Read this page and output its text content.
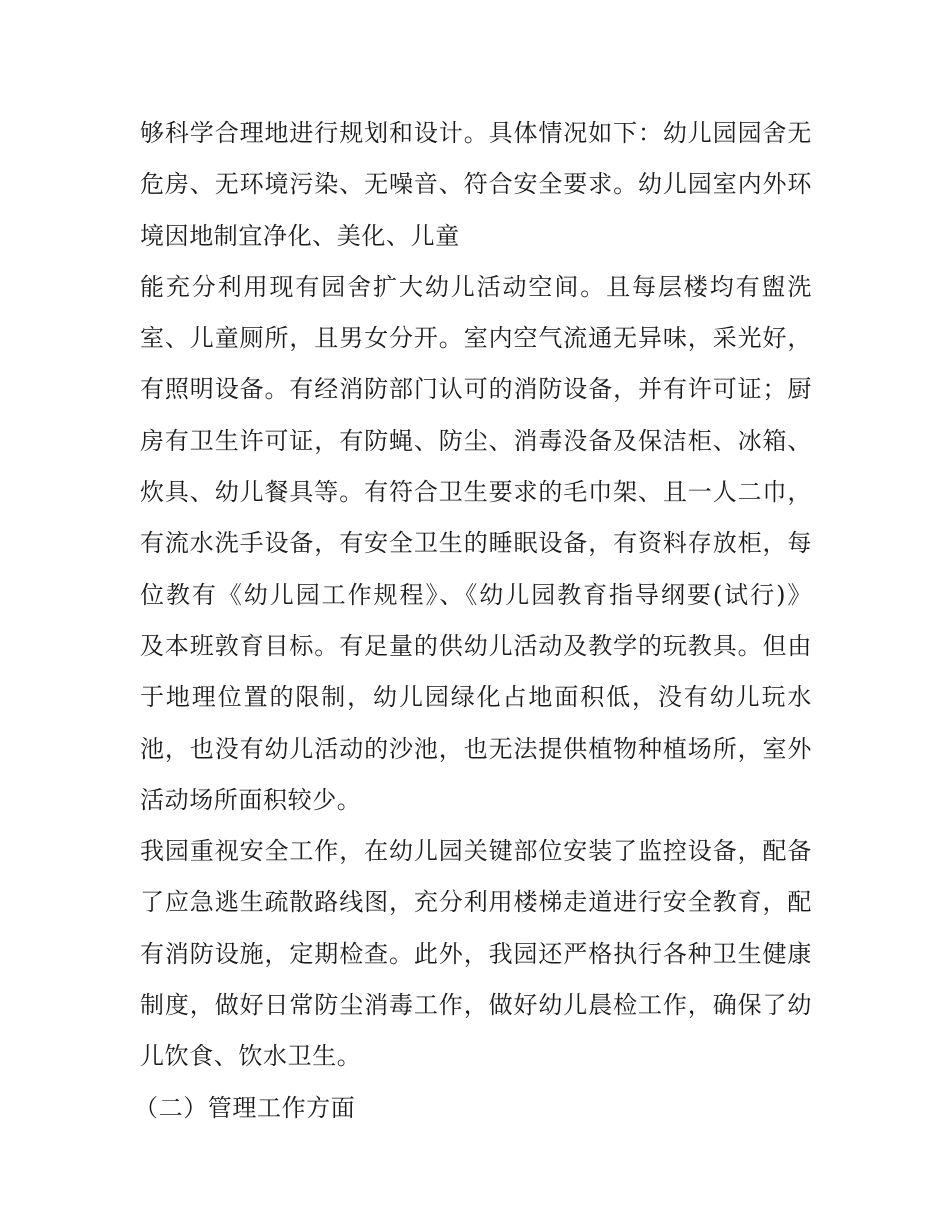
够科学合理地进行规划和设计。具体情况如下：幼儿园园舍无
危房、无环境污染、无噪音、符合安全要求。幼儿园室内外环
境因地制宜净化、美化、儿童
能充分利用现有园舍扩大幼儿活动空间。且每层楼均有盥洗
室、儿童厕所，且男女分开。室内空气流通无异味，采光好，
有照明设备。有经消防部门认可的消防设备，并有许可证；厨
房有卫生许可证，有防蝇、防尘、消毒没备及保洁柜、冰箱、
炊具、幼儿餐具等。有符合卫生要求的毛巾架、且一人二巾，
有流水洗手设备，有安全卫生的睡眠设备，有资料存放柜，每
位教有《幼儿园工作规程》、《幼儿园教育指导纲要(试行)》
及本班敦育目标。有足量的供幼儿活动及教学的玩教具。但由
于地理位置的限制，幼儿园绿化占地面积低，没有幼儿玩水
池，也没有幼儿活动的沙池，也无法提供植物种植场所，室外
活动场所面积较少。
我园重视安全工作，在幼儿园关键部位安装了监控设备，配备
了应急逃生疏散路线图，充分利用楼梯走道进行安全教育，配
有消防设施，定期检查。此外，我园还严格执行各种卫生健康
制度，做好日常防尘消毒工作，做好幼儿晨检工作，确保了幼
儿饮食、饮水卫生。
（二）管理工作方面
